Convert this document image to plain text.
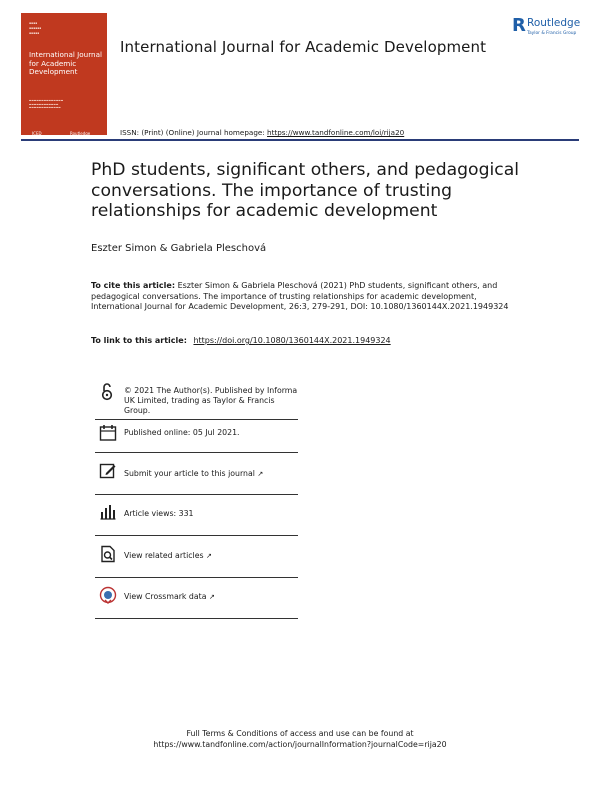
▪▪▪▪
▪▪▪▪▪▪
▪▪▪▪▪
International Journal for Academic Development
▬▬▬▬▬▬▬▬▬▬▬▬▬▬
▬▬▬▬▬▬▬▬▬▬▬▬
▬▬▬▬▬▬▬▬▬▬▬▬▬
ICED	Routledge
International Journal for Academic Development
R Routledge
Taylor & Francis Group
ISSN: (Print) (Online) Journal homepage: https://www.tandfonline.com/loi/rija20
PhD students, significant others, and pedagogical conversations. The importance of trusting relationships for academic development
Eszter Simon & Gabriela Pleschová
To cite this article: Eszter Simon & Gabriela Pleschová (2021) PhD students, significant others, and pedagogical conversations. The importance of trusting relationships for academic development, International Journal for Academic Development, 26:3, 279-291, DOI: 10.1080/1360144X.2021.1949324
To link to this article: https://doi.org/10.1080/1360144X.2021.1949324
© 2021 The Author(s). Published by Informa UK Limited, trading as Taylor & Francis Group.
Published online: 05 Jul 2021.
Submit your article to this journal ↗
Article views: 331
View related articles ↗
View Crossmark data ↗
Full Terms & Conditions of access and use can be found at
https://www.tandfonline.com/action/journalInformation?journalCode=rija20
